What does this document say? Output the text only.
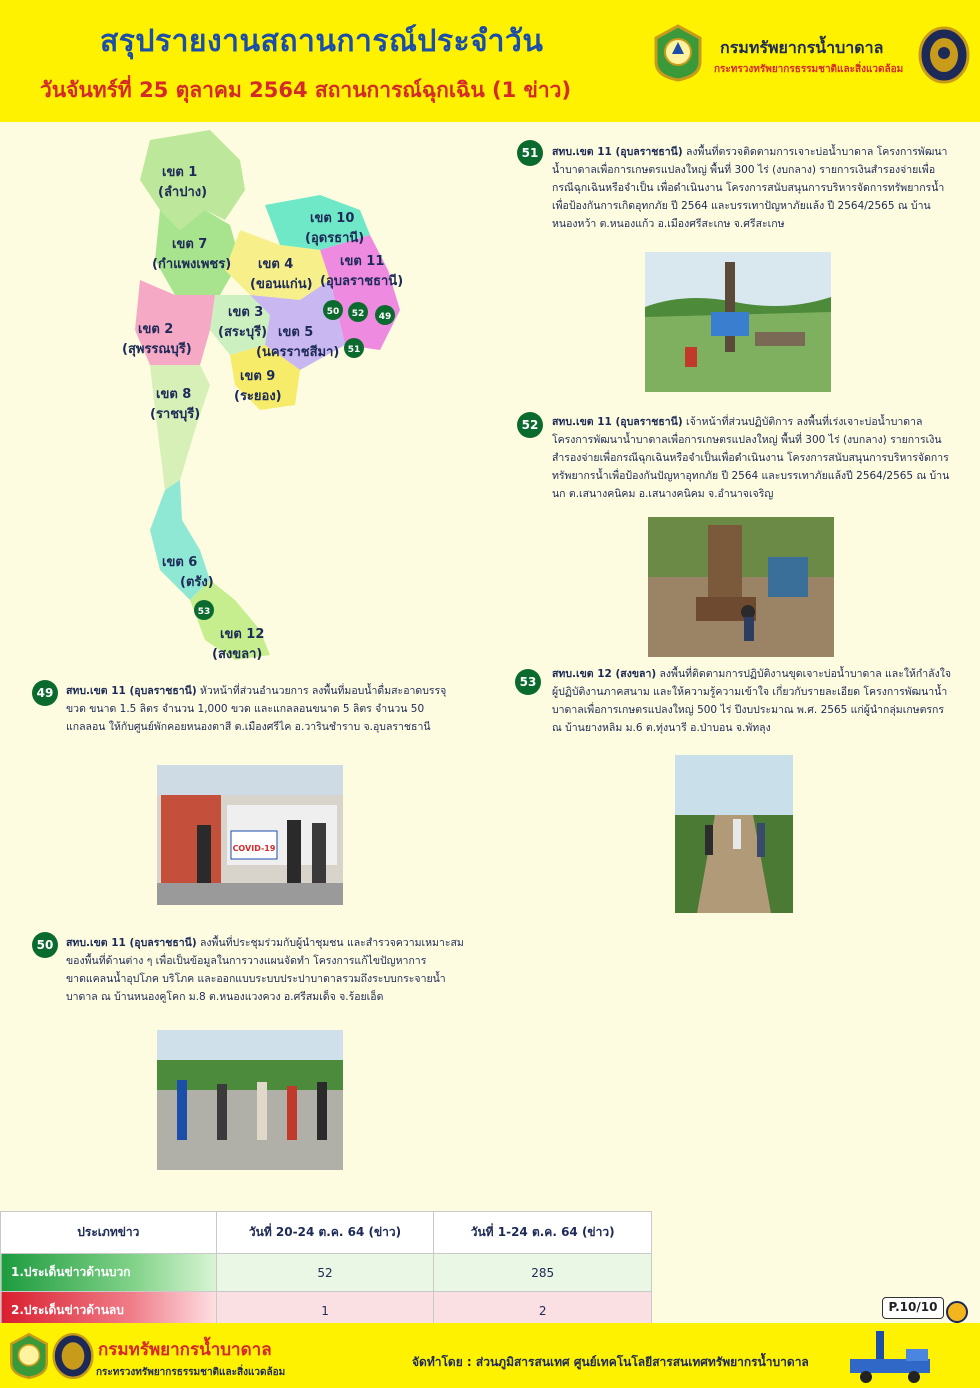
สรุปรายงานสถานการณ์ประจำวัน
วันจันทร์ที่ 25 ตุลาคม 2564 สถานการณ์ฉุกเฉิน (1 ข่าว)
กรมทรัพยากรน้ำบาดาล
กระทรวงทรัพยากรธรรมชาติและสิ่งแวดล้อม
เขต 1
(ลำปาง)
เขต 7
(กำแพงเพชร)
เขต 10
(อุดรธานี)
เขต 4
(ขอนแก่น)
เขต 11
(อุบลราชธานี)
เขต 3
(สระบุรี) เขต 5
(นครราชสีมา)
เขต 2
(สุพรรณบุรี)
เขต 9
(ระยอง)
เขต 8
(ราชบุรี)
เขต 6
(ตรัง)
เขต 12
(สงขลา)
50 52 49
51
53
51	สทบ.เขต 11 (อุบลราชธานี) ลงพื้นที่ตรวจติดตามการเจาะบ่อน้ำบาดาล โครงการพัฒนาน้ำบาดาลเพื่อการเกษตรแปลงใหญ่ พื้นที่ 300 ไร่ (งบกลาง) รายการเงินสำรองจ่ายเพื่อกรณีฉุกเฉินหรือจำเป็น เพื่อดำเนินงาน โครงการสนับสนุนการบริหารจัดการทรัพยากรน้ำเพื่อป้องกันการเกิดอุทกภัย ปี 2564 และบรรเทาปัญหาภัยแล้ง ปี 2564/2565 ณ บ้านหนองหว้า ต.หนองแก้ว อ.เมืองศรีสะเกษ จ.ศรีสะเกษ
52	สทบ.เขต 11 (อุบลราชธานี) เจ้าหน้าที่ส่วนปฏิบัติการ ลงพื้นที่เร่งเจาะบ่อน้ำบาดาล โครงการพัฒนาน้ำบาดาลเพื่อการเกษตรแปลงใหญ่ พื้นที่ 300 ไร่ (งบกลาง) รายการเงินสำรองจ่ายเพื่อกรณีฉุกเฉินหรือจำเป็นเพื่อดำเนินงาน โครงการสนับสนุนการบริหารจัดการทรัพยากรน้ำเพื่อป้องกันปัญหาอุทกภัย ปี 2564 และบรรเทาภัยแล้งปี 2564/2565 ณ บ้านนก ต.เสนางคนิคม อ.เสนางคนิคม จ.อำนาจเจริญ
53
สทบ.เขต 12 (สงขลา) ลงพื้นที่ติดตามการปฏิบัติงานขุดเจาะบ่อน้ำบาดาล และให้กำลังใจผู้ปฏิบัติงานภาคสนาม และให้ความรู้ความเข้าใจ เกี่ยวกับรายละเอียด โครงการพัฒนาน้ำบาดาลเพื่อการเกษตรแปลงใหญ่ 500 ไร่ ปีงบประมาณ พ.ศ. 2565 แก่ผู้นำกลุ่มเกษตรกร ณ บ้านยางหลิม ม.6 ต.ทุ่งนารี อ.ป่าบอน จ.พัทลุง
49	สทบ.เขต 11 (อุบลราชธานี) หัวหน้าที่ส่วนอำนวยการ ลงพื้นที่มอบน้ำดื่มสะอาดบรรจุขวด ขนาด 1.5 ลิตร จำนวน 1,000 ขวด และแกลลอนขนาด 5 ลิตร จำนวน 50 แกลลอน ให้กับศูนย์พักคอยหนองตาสี ต.เมืองศรีไค อ.วารินชำราบ จ.อุบลราชธานี
COVID-19
50	สทบ.เขต 11 (อุบลราชธานี) ลงพื้นที่ประชุมร่วมกับผู้นำชุมชน และสำรวจความเหมาะสมของพื้นที่ด้านต่าง ๆ เพื่อเป็นข้อมูลในการวางแผนจัดทำ โครงการแก้ไขปัญหาการขาดแคลนน้ำอุปโภค บริโภค และออกแบบระบบประปาบาดาลรวมถึงระบบกระจายน้ำบาดาล ณ บ้านหนองคูโคก ม.8 ต.หนองแวงควง อ.ศรีสมเด็จ จ.ร้อยเอ็ด
ประเภทข่าว	วันที่ 20-24 ต.ค. 64 (ข่าว)	วันที่ 1-24 ต.ค. 64 (ข่าว)
1.ประเด็นข่าวด้านบวก	52	285
2.ประเด็นข่าวด้านลบ	1	2	P.10/10
กรมทรัพยากรน้ำบาดาล
กระทรวงทรัพยากรธรรมชาติและสิ่งแวดล้อม
จัดทำโดย : ส่วนภูมิสารสนเทศ ศูนย์เทคโนโลยีสารสนเทศทรัพยากรน้ำบาดาล
